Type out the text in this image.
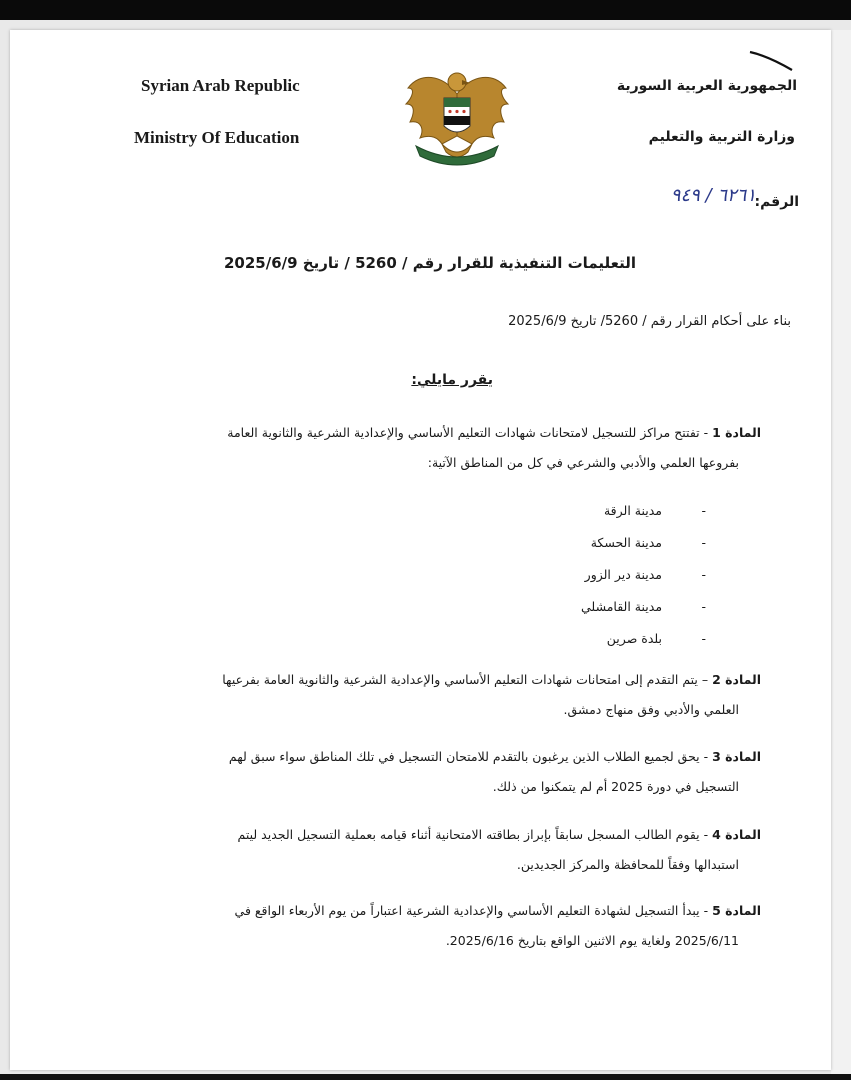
Syrian Arab Republic
Ministry Of Education
الجمهورية العربية السورية
وزارة التربية والتعليم
الرقم:
٦٢٦١ / ٩٤٩
التعليمات التنفيذية للقرار رقم / 5260 / تاريخ 2025/6/9
بناء على أحكام القرار رقم / 5260/ تاريخ 2025/6/9
يقرر مايلي:
المادة 1 - تفتتح مراكز للتسجيل لامتحانات شهادات التعليم الأساسي والإعدادية الشرعية والثانوية العامة
بفروعها العلمي والأدبي والشرعي في كل من المناطق الآتية:
- مدينة الرقة
- مدينة الحسكة
- مدينة دير الزور
- مدينة القامشلي
- بلدة صرين
المادة 2 – يتم التقدم إلى امتحانات شهادات التعليم الأساسي والإعدادية الشرعية والثانوية العامة بفرعيها
العلمي والأدبي وفق منهاج دمشق.
المادة 3 - يحق لجميع الطلاب الذين يرغبون بالتقدم للامتحان التسجيل في تلك المناطق سواء سبق لهم
التسجيل في دورة 2025 أم لم يتمكنوا من ذلك.
المادة 4 - يقوم الطالب المسجل سابقاً بإبراز بطاقته الامتحانية أثناء قيامه بعملية التسجيل الجديد ليتم
استبدالها وفقاً للمحافظة والمركز الجديدين.
المادة 5 - يبدأ التسجيل لشهادة التعليم الأساسي والإعدادية الشرعية اعتباراً من يوم الأربعاء الواقع في
2025/6/11 ولغاية يوم الاثنين الواقع بتاريخ 2025/6/16.
